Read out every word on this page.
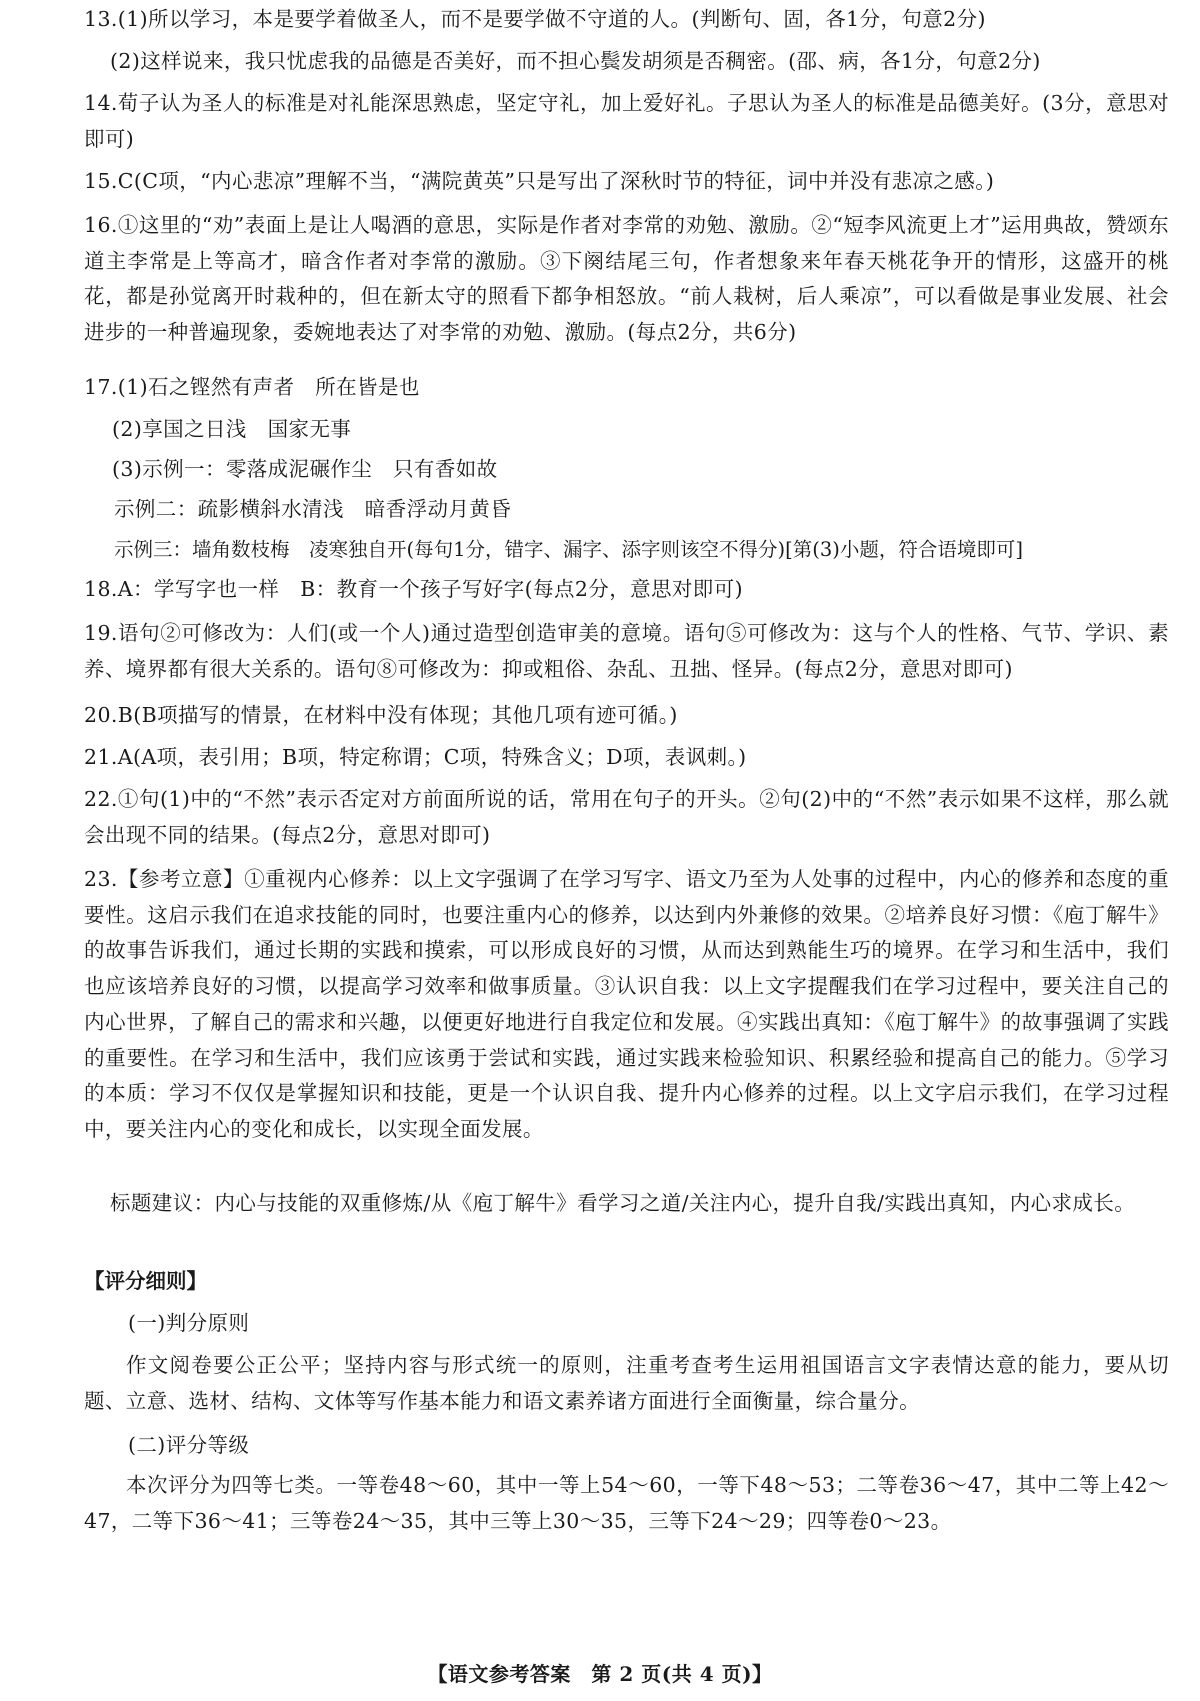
13.(1)所以学习，本是要学着做圣人，而不是要学做不守道的人。(判断句、固，各1分，句意2分)
(2)这样说来，我只忧虑我的品德是否美好，而不担心鬓发胡须是否稠密。(邵、病，各1分，句意2分)
14.荀子认为圣人的标准是对礼能深思熟虑，坚定守礼，加上爱好礼。子思认为圣人的标准是品德美好。(3分，意思对即可)
15.C(C项，“内心悲凉”理解不当，“满院黄英”只是写出了深秋时节的特征，词中并没有悲凉之感。)
16.①这里的“劝”表面上是让人喝酒的意思，实际是作者对李常的劝勉、激励。②“短李风流更上才”运用典故，赞颂东道主李常是上等高才，暗含作者对李常的激励。③下阕结尾三句，作者想象来年春天桃花争开的情形，这盛开的桃花，都是孙觉离开时栽种的，但在新太守的照看下都争相怒放。“前人栽树，后人乘凉”，可以看做是事业发展、社会进步的一种普遍现象，委婉地表达了对李常的劝勉、激励。(每点2分，共6分)
17.(1)石之铿然有声者　所在皆是也
(2)享国之日浅　国家无事
(3)示例一：零落成泥碾作尘　只有香如故
示例二：疏影横斜水清浅　暗香浮动月黄昏
示例三：墙角数枝梅　凌寒独自开(每句1分，错字、漏字、添字则该空不得分)[第(3)小题，符合语境即可]
18.A：学写字也一样　B：教育一个孩子写好字(每点2分，意思对即可)
19.语句②可修改为：人们(或一个人)通过造型创造审美的意境。语句⑤可修改为：这与个人的性格、气节、学识、素养、境界都有很大关系的。语句⑧可修改为：抑或粗俗、杂乱、丑拙、怪异。(每点2分，意思对即可)
20.B(B项描写的情景，在材料中没有体现；其他几项有迹可循。)
21.A(A项，表引用；B项，特定称谓；C项，特殊含义；D项，表讽刺。)
22.①句(1)中的“不然”表示否定对方前面所说的话，常用在句子的开头。②句(2)中的“不然”表示如果不这样，那么就会出现不同的结果。(每点2分，意思对即可)
23.【参考立意】①重视内心修养：以上文字强调了在学习写字、语文乃至为人处事的过程中，内心的修养和态度的重要性。这启示我们在追求技能的同时，也要注重内心的修养，以达到内外兼修的效果。②培养良好习惯：《庖丁解牛》的故事告诉我们，通过长期的实践和摸索，可以形成良好的习惯，从而达到熟能生巧的境界。在学习和生活中，我们也应该培养良好的习惯，以提高学习效率和做事质量。③认识自我：以上文字提醒我们在学习过程中，要关注自己的内心世界，了解自己的需求和兴趣，以便更好地进行自我定位和发展。④实践出真知：《庖丁解牛》的故事强调了实践的重要性。在学习和生活中，我们应该勇于尝试和实践，通过实践来检验知识、积累经验和提高自己的能力。⑤学习的本质：学习不仅仅是掌握知识和技能，更是一个认识自我、提升内心修养的过程。以上文字启示我们，在学习过程中，要关注内心的变化和成长，以实现全面发展。
标题建议：内心与技能的双重修炼/从《庖丁解牛》看学习之道/关注内心，提升自我/实践出真知，内心求成长。
【评分细则】
(一)判分原则
作文阅卷要公正公平；坚持内容与形式统一的原则，注重考查考生运用祖国语言文字表情达意的能力，要从切题、立意、选材、结构、文体等写作基本能力和语文素养诸方面进行全面衡量，综合量分。
(二)评分等级
本次评分为四等七类。一等卷48～60，其中一等上54～60，一等下48～53；二等卷36～47，其中二等上42～47，二等下36～41；三等卷24～35，其中三等上30～35，三等下24～29；四等卷0～23。
【语文参考答案　第 2 页(共 4 页)】
